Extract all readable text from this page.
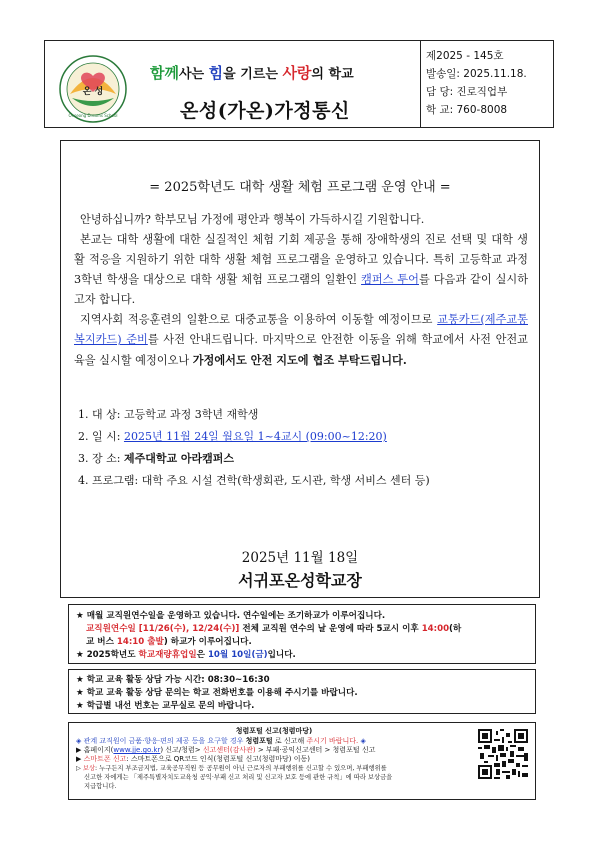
온 성
Onseong Dreams School
함께사는 힘을 기르는 사랑의 학교
온성(가온)가정통신
제2025 - 145호
발송일: 2025.11.18.
담 당: 진로직업부
학 교: 760-8008
= 2025학년도 대학 생활 체험 프로그램 운영 안내 =
안녕하십니까? 학부모님 가정에 평안과 행복이 가득하시길 기원합니다.
본교는 대학 생활에 대한 실질적인 체험 기회 제공을 통해 장애학생의 진로 선택 및 대학 생활 적응을 지원하기 위한 대학 생활 체험 프로그램을 운영하고 있습니다. 특히 고등학교 과정 3학년 학생을 대상으로 대학 생활 체험 프로그램의 일환인 캠퍼스 투어를 다음과 같이 실시하고자 합니다.
지역사회 적응훈련의 일환으로 대중교통을 이용하여 이동할 예정이므로 교통카드(제주교통복지카드) 준비를 사전 안내드립니다. 마지막으로 안전한 이동을 위해 학교에서 사전 안전교육을 실시할 예정이오나 가정에서도 안전 지도에 협조 부탁드립니다.
1. 대 상: 고등학교 과정 3학년 재학생
2. 일 시: 2025년 11월 24일 월요일 1~4교시 (09:00~12:20)
3. 장 소: 제주대학교 아라캠퍼스
4. 프로그램: 대학 주요 시설 견학(학생회관, 도시관, 학생 서비스 센터 등)
2025년 11월 18일
서귀포온성학교장
★ 매월 교직원연수일을 운영하고 있습니다. 연수일에는 조기하교가 이루어집니다.
교직원연수일 [11/26(수), 12/24(수)] 전체 교직원 연수의 날 운영에 따라 5교시 이후 14:00(하
교 버스 14:10 출발) 하교가 이루어집니다.
★ 2025학년도 학교재량휴업일은 10월 10일(금)입니다.
★ 학교 교육 활동 상담 가능 시간: 08:30~16:30
★ 학교 교육 활동 상담 문의는 학교 전화번호를 이용해 주시기를 바랍니다.
★ 학급별 내선 번호는 교무실로 문의 바랍니다.
청렴포털 신고(청렴마당)
◈ 관계 교직원이 금품·향응·편의 제공 등을 요구할 경우 청렴포털 로 신고해 주시기 바랍니다. ◈
▶ 홈페이지(www.jje.go.kr) 신고/청렴> 신고센터(감사관) > 부패·공익신고센터 > 청렴포털 신고
▶ 스마트폰 신고: 스마트폰으로 QR코드 인식(청렴포털 신고(청렴마당) 이동)
▷ 보상: 누구든지 부조금지법, 교육공무직원 등 공무원이 아닌 근로자의 부패행위를 신고할 수 있으며, 부패행위를
신고한 자에게는 「제주특별자치도교육청 공익·부패 신고 처리 및 신고자 보호 등에 관한 규칙」에 따라 보상금을
지급합니다.
